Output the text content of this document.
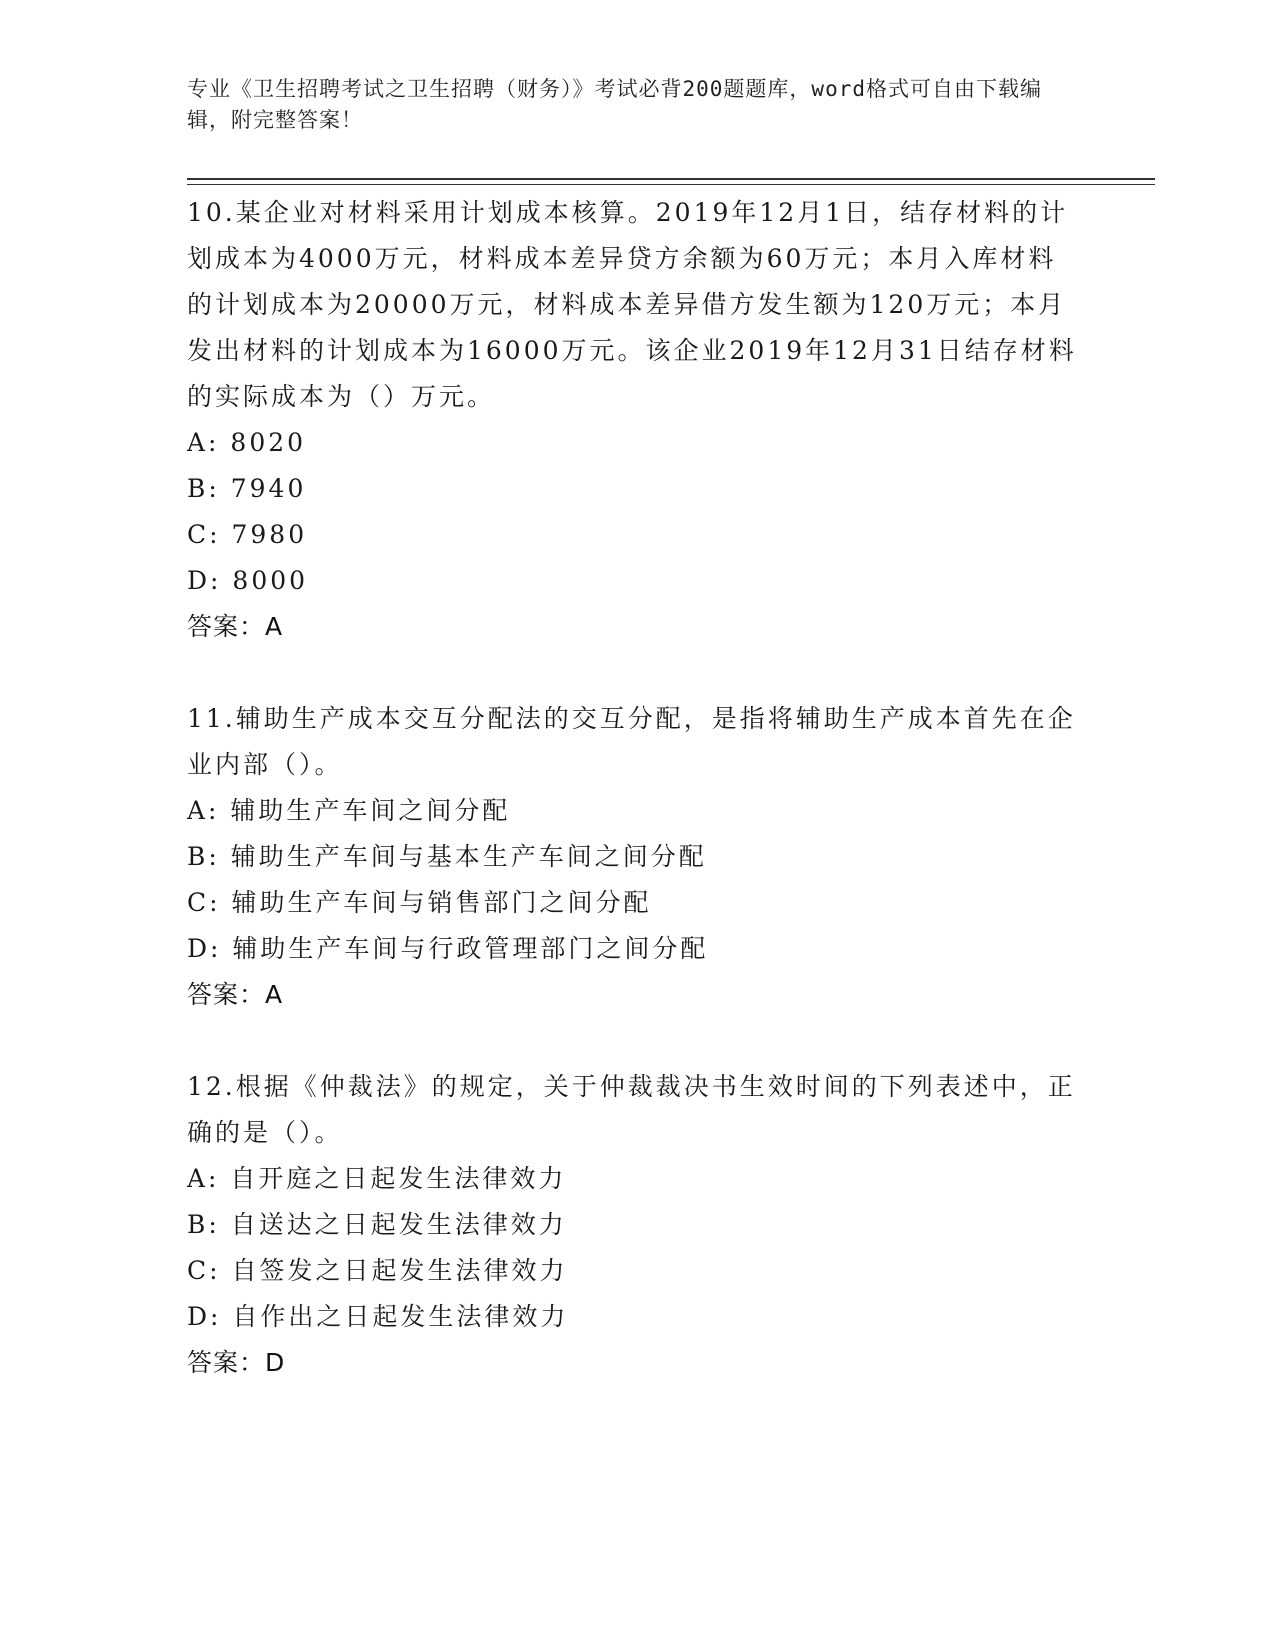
专业《卫生招聘考试之卫生招聘（财务）》考试必背200题题库，word格式可自由下载编辑，附完整答案！
10.某企业对材料采用计划成本核算。2019年12月1日，结存材料的计划成本为4000万元，材料成本差异贷方余额为60万元；本月入库材料的计划成本为20000万元，材料成本差异借方发生额为120万元；本月发出材料的计划成本为16000万元。该企业2019年12月31日结存材料的实际成本为（）万元。
A: 8020
B: 7940
C: 7980
D: 8000
答案：A
11.辅助生产成本交互分配法的交互分配，是指将辅助生产成本首先在企业内部（）。
A: 辅助生产车间之间分配
B: 辅助生产车间与基本生产车间之间分配
C: 辅助生产车间与销售部门之间分配
D: 辅助生产车间与行政管理部门之间分配
答案：A
12.根据《仲裁法》的规定，关于仲裁裁决书生效时间的下列表述中，正确的是（）。
A: 自开庭之日起发生法律效力
B: 自送达之日起发生法律效力
C: 自签发之日起发生法律效力
D: 自作出之日起发生法律效力
答案：D
